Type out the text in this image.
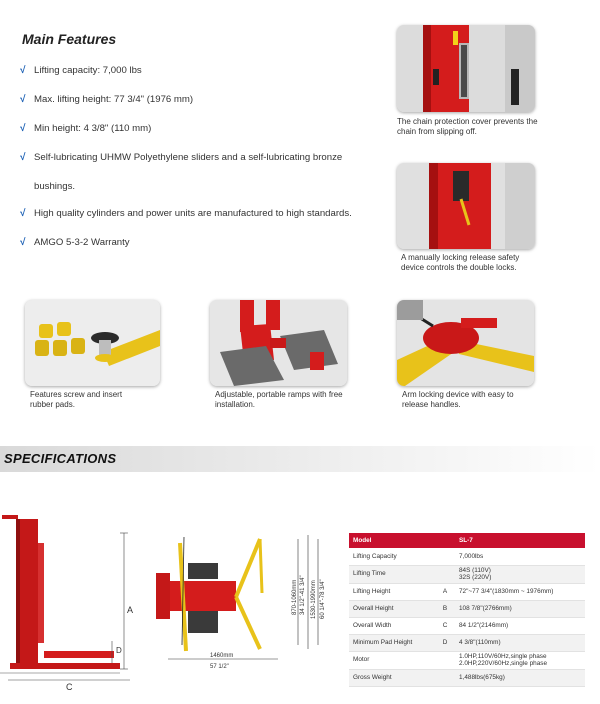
Main Features
√ Lifting capacity: 7,000 lbs
√ Max. lifting height: 77 3/4" (1976 mm)
√ Min height: 4 3/8" (110 mm)
√ Self-lubricating UHMW Polyethylene sliders and a self-lubricating bronze
bushings.
√ High quality cylinders and power units are manufactured to high standards.
√ AMGO 5-3-2 Warranty
The chain protection cover prevents the chain from slipping off.
A manually locking release safety device controls the double locks.
Features screw and insert rubber pads.
Adjustable, portable ramps with free installation.
Arm locking device with easy to release handles.
SPECIFICATIONS
A
D
C
1460mm
57 1/2"
870-1060mm 34 1/2"-41 3/4" 1530-1990mm 60 1/4"-78 3/4"
Model		SL-7
Lifting Capacity		7,000lbs

Lifting Time		84S (110V)
32S (220V)

Lifting Height	A	72"~77 3/4"(1830mm ~ 1976mm)

Overall Height	B	108 7/8"(2766mm)

Overall Width	C	84 1/2"(2146mm)

Minimum Pad Height	D	4 3/8"(110mm)

Motor		1.0HP,110V/60Hz,single phase
2.0HP,220V/60Hz,single phase

Gross Weight		1,488lbs(675kg)
